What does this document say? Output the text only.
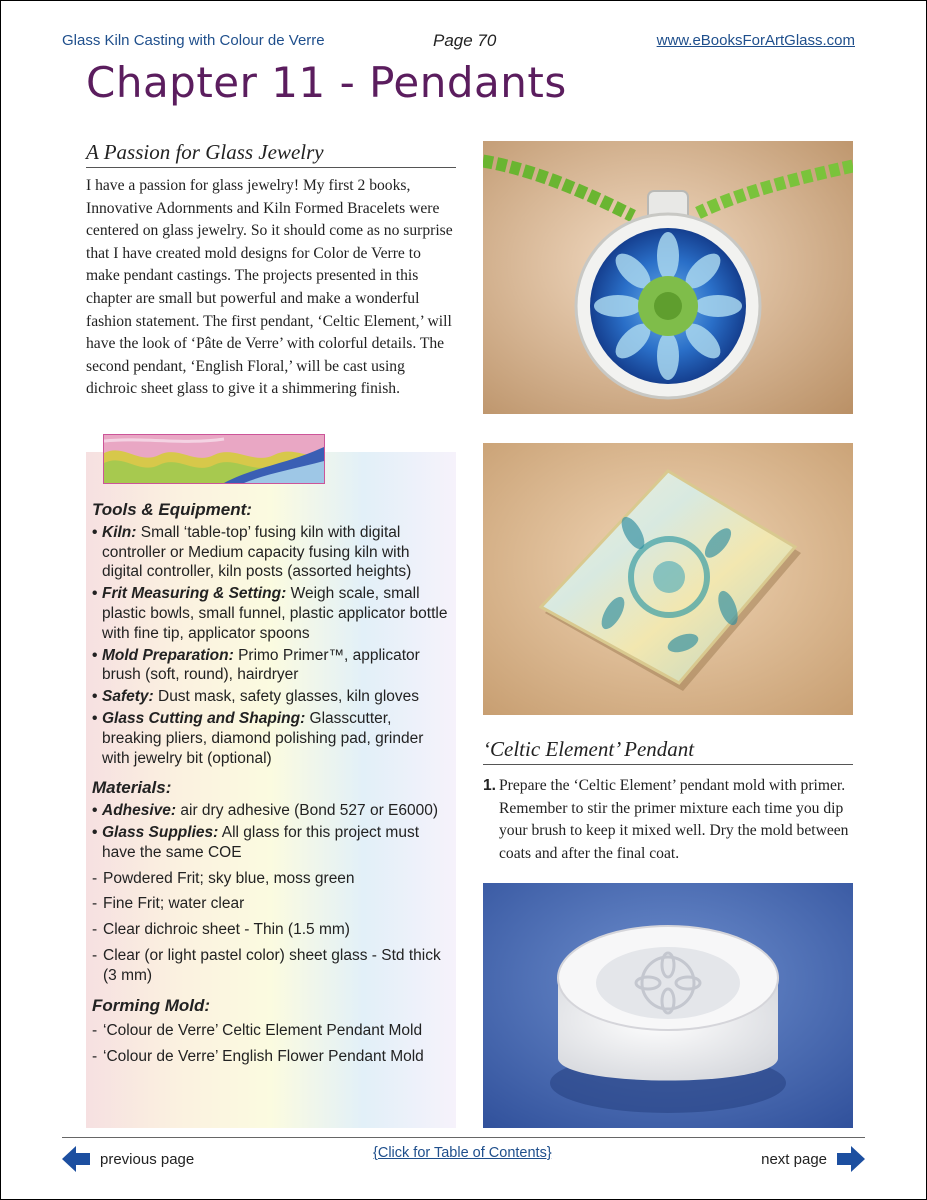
Glass Kiln Casting with Colour de Verre	Page 70	www.eBooksForArtGlass.com
Chapter 11 - Pendants
A Passion for Glass Jewelry

I have a passion for glass jewelry! My first 2 books, Innovative Adornments and Kiln Formed Bracelets were centered on glass jewelry. So it should come as no surprise that I have created mold designs for Color de Verre to make pendant castings. The projects presented in this chapter are small but powerful and make a wonderful fashion statement. The first pendant, ‘Celtic Element,’ will have the look of ‘Pâte de Verre’ with colorful details. The second pendant, ‘English Floral,’ will be cast using dichroic sheet glass to give it a shimmering finish.

Tools & Equipment:
• Kiln: Small ‘table-top’ fusing kiln with digital controller or Medium capacity fusing kiln with digital controller, kiln posts (assorted heights)
• Frit Measuring & Setting: Weigh scale, small plastic bowls, small funnel, plastic applicator bottle with fine tip, applicator spoons
• Mold Preparation: Primo Primer™, applicator brush (soft, round), hairdryer
• Safety: Dust mask, safety glasses, kiln gloves
• Glass Cutting and Shaping: Glasscutter, breaking pliers, diamond polishing pad, grinder with jewelry bit (optional)
Materials:
• Adhesive: air dry adhesive (Bond 527 or E6000)
• Glass Supplies: All glass for this project must have the same COE
- Powdered Frit; sky blue, moss green
- Fine Frit; water clear
- Clear dichroic sheet - Thin (1.5 mm)
- Clear (or light pastel color) sheet glass - Std thick (3 mm)
Forming Mold:
- ‘Colour de Verre’ Celtic Element Pendant Mold
- ‘Colour de Verre’ English Flower Pendant Mold
‘Celtic Element’ Pendant

1. Prepare the ‘Celtic Element’ pendant mold with primer. Remember to stir the primer mixture each time you dip your brush to keep it mixed well. Dry the mold between coats and after the final coat.

previous page	{Click for Table of Contents}	next page
